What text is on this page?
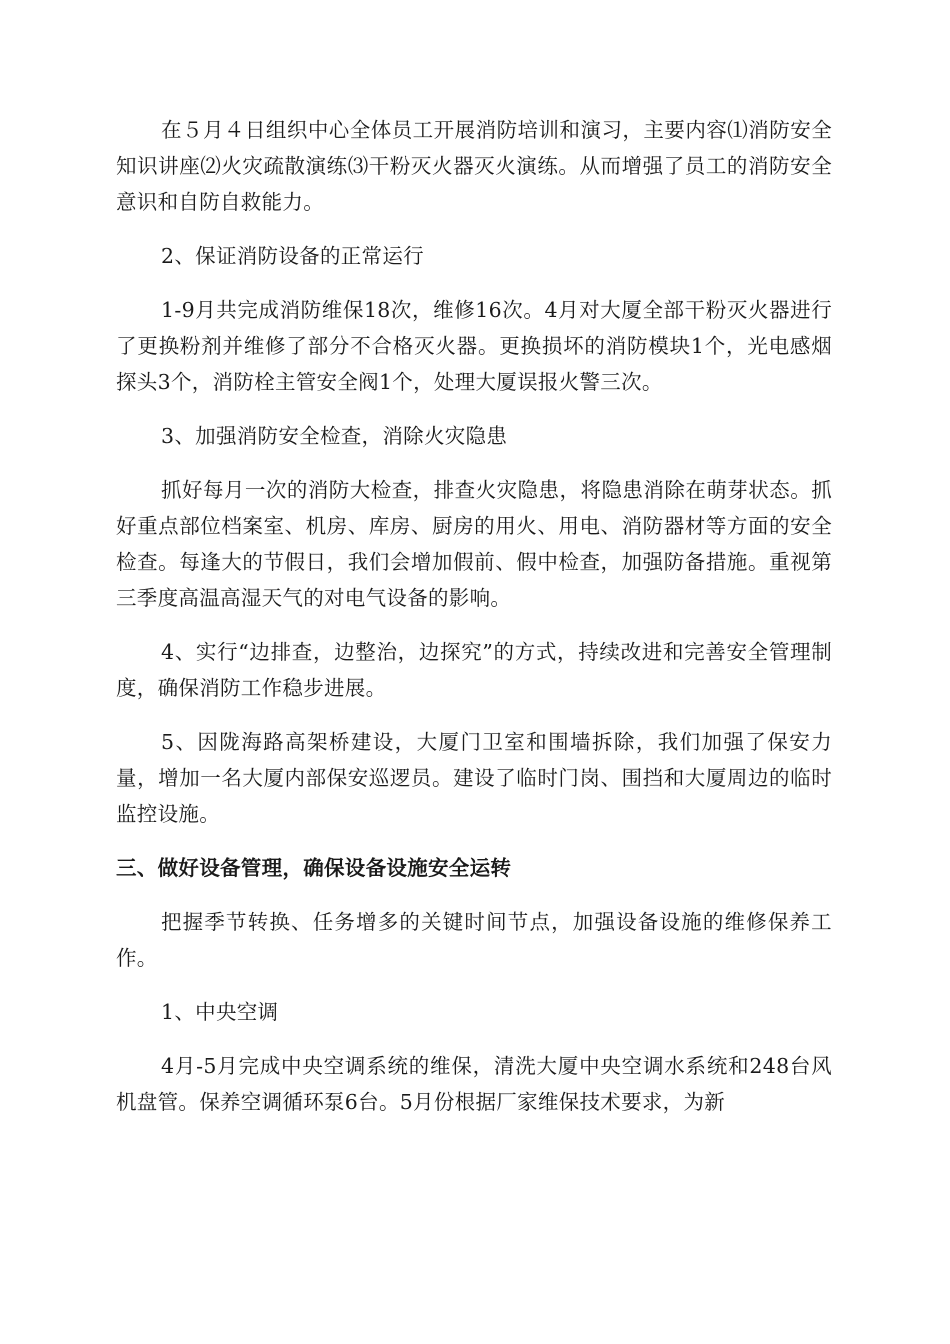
在５月４日组织中心全体员工开展消防培训和演习，主要内容⑴消防安全知识讲座⑵火灾疏散演练⑶干粉灭火器灭火演练。从而增强了员工的消防安全意识和自防自救能力。

2、保证消防设备的正常运行

1-9月共完成消防维保18次，维修16次。4月对大厦全部干粉灭火器进行了更换粉剂并维修了部分不合格灭火器。更换损坏的消防模块1个，光电感烟探头3个，消防栓主管安全阀1个，处理大厦误报火警三次。

3、加强消防安全检查，消除火灾隐患

抓好每月一次的消防大检查，排查火灾隐患，将隐患消除在萌芽状态。抓好重点部位档案室、机房、库房、厨房的用火、用电、消防器材等方面的安全检查。每逢大的节假日，我们会增加假前、假中检查，加强防备措施。重视第三季度高温高湿天气的对电气设备的影响。

4、实行“边排查，边整治，边探究”的方式，持续改进和完善安全管理制度，确保消防工作稳步进展。

5、因陇海路高架桥建设，大厦门卫室和围墙拆除，我们加强了保安力量，增加一名大厦内部保安巡逻员。建设了临时门岗、围挡和大厦周边的临时监控设施。

三、做好设备管理，确保设备设施安全运转

把握季节转换、任务增多的关键时间节点，加强设备设施的维修保养工作。

1、中央空调

4月-5月完成中央空调系统的维保，清洗大厦中央空调水系统和248台风机盘管。保养空调循环泵6台。5月份根据厂家维保技术要求，为新
